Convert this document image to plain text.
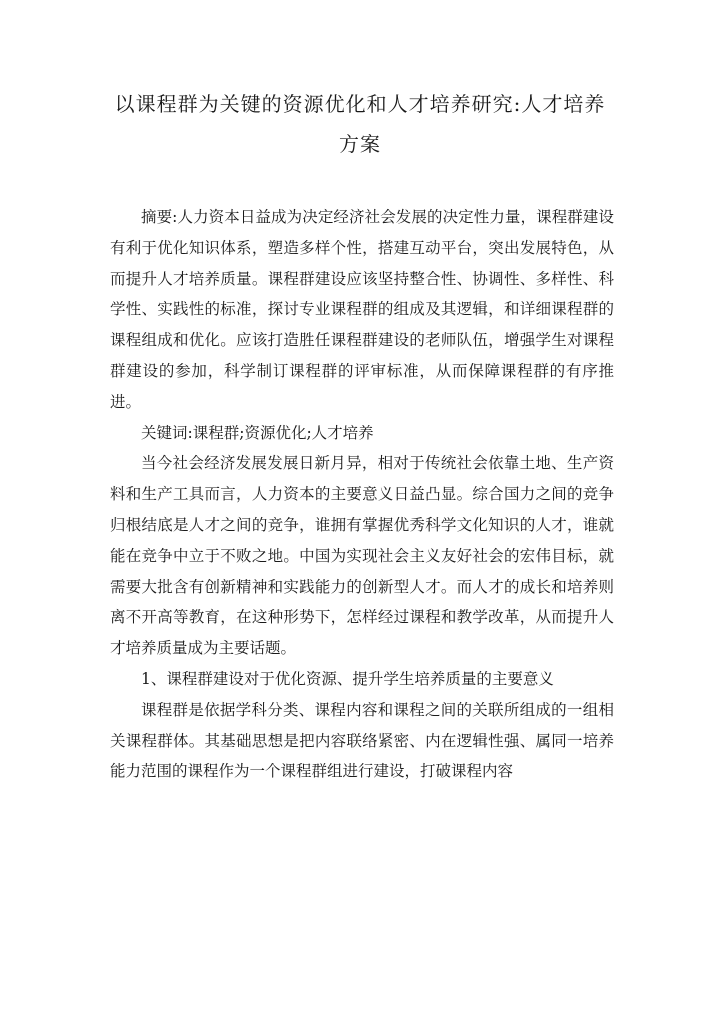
以课程群为关键的资源优化和人才培养研究:人才培养方案

摘要:人力资本日益成为决定经济社会发展的决定性力量，课程群建设有利于优化知识体系，塑造多样个性，搭建互动平台，突出发展特色，从而提升人才培养质量。课程群建设应该坚持整合性、协调性、多样性、科学性、实践性的标准，探讨专业课程群的组成及其逻辑，和详细课程群的课程组成和优化。应该打造胜任课程群建设的老师队伍，增强学生对课程群建设的参加，科学制订课程群的评审标准，从而保障课程群的有序推进。

关键词:课程群;资源优化;人才培养

当今社会经济发展发展日新月异，相对于传统社会依靠土地、生产资料和生产工具而言，人力资本的主要意义日益凸显。综合国力之间的竞争归根结底是人才之间的竞争，谁拥有掌握优秀科学文化知识的人才，谁就能在竞争中立于不败之地。中国为实现社会主义友好社会的宏伟目标，就需要大批含有创新精神和实践能力的创新型人才。而人才的成长和培养则离不开高等教育，在这种形势下，怎样经过课程和教学改革，从而提升人才培养质量成为主要话题。

1、课程群建设对于优化资源、提升学生培养质量的主要意义

课程群是依据学科分类、课程内容和课程之间的关联所组成的一组相关课程群体。其基础思想是把内容联络紧密、内在逻辑性强、属同一培养能力范围的课程作为一个课程群组进行建设，打破课程内容
